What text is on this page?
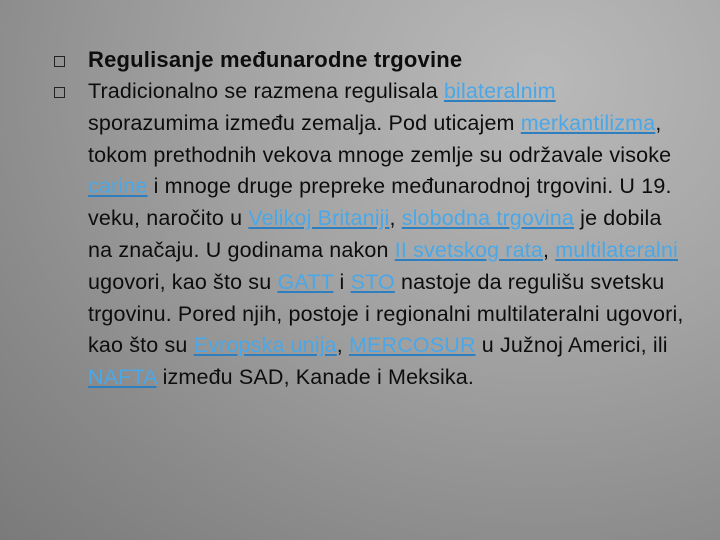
Regulisanje međunarodne trgovine

Tradicionalno se razmena regulisala bilateralnim sporazumima između zemalja. Pod uticajem merkantilizma, tokom prethodnih vekova mnoge zemlje su održavale visoke carine i mnoge druge prepreke međunarodnoj trgovini. U 19. veku, naročito u Velikoj Britaniji, slobodna trgovina je dobila na značaju. U godinama nakon II svetskog rata, multilateralni ugovori, kao što su GATT i STO nastoje da regulišu svetsku trgovinu. Pored njih, postoje i regionalni multilateralni ugovori, kao što su Evropska unija, MERCOSUR u Južnoj Americi, ili NAFTA između SAD, Kanade i Meksika.
